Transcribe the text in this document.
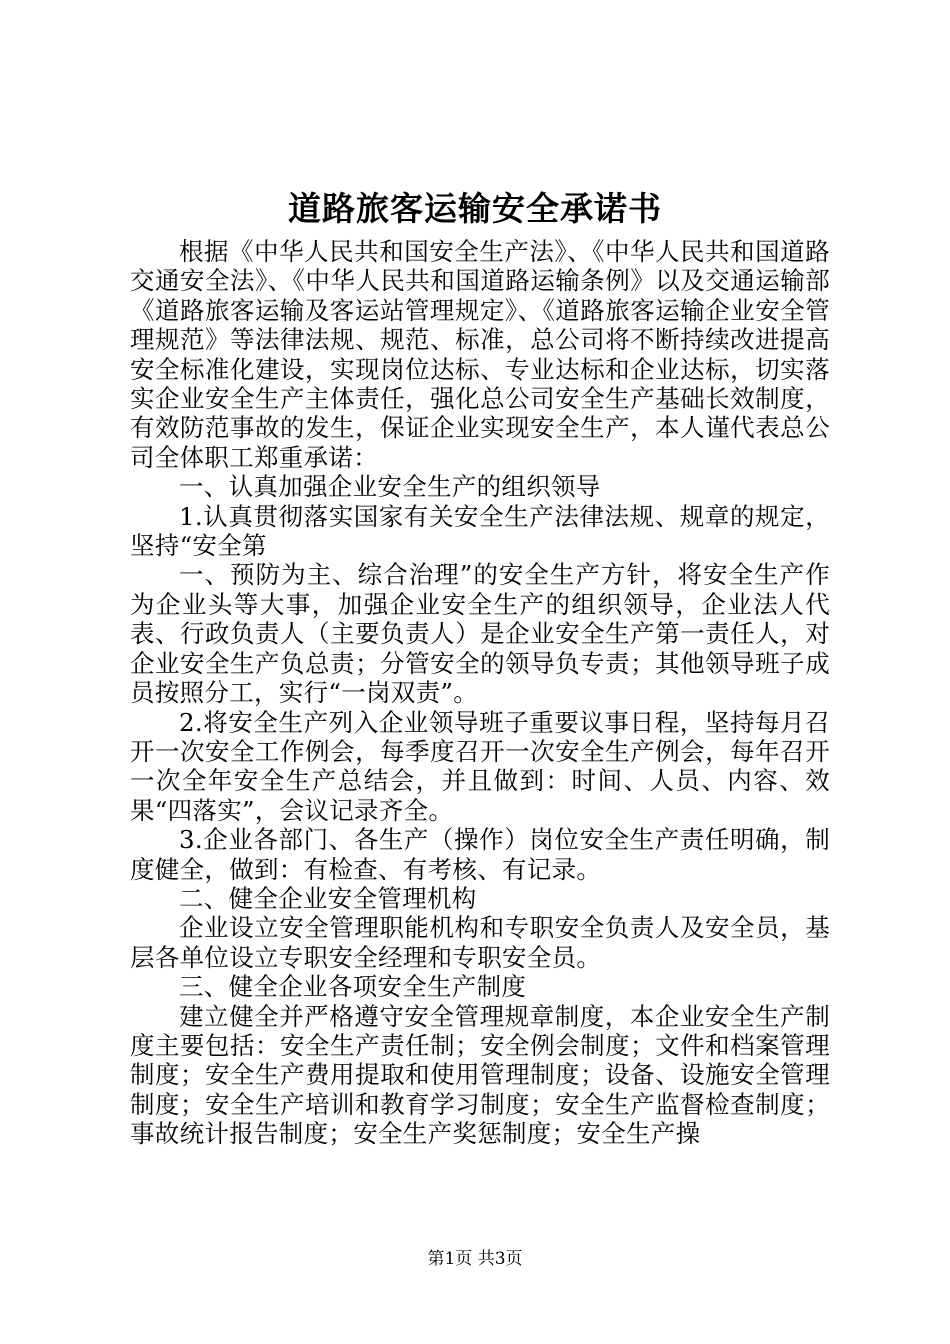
道路旅客运输安全承诺书

根据《中华人民共和国安全生产法》、《中华人民共和国道路交通安全法》、《中华人民共和国道路运输条例》以及交通运输部《道路旅客运输及客运站管理规定》、《道路旅客运输企业安全管理规范》等法律法规、规范、标准，总公司将不断持续改进提高安全标准化建设，实现岗位达标、专业达标和企业达标，切实落实企业安全生产主体责任，强化总公司安全生产基础长效制度，有效防范事故的发生，保证企业实现安全生产，本人谨代表总公司全体职工郑重承诺：

一、认真加强企业安全生产的组织领导

1.认真贯彻落实国家有关安全生产法律法规、规章的规定，坚持“安全第

一、预防为主、综合治理”的安全生产方针，将安全生产作为企业头等大事，加强企业安全生产的组织领导，企业法人代表、行政负责人（主要负责人）是企业安全生产第一责任人，对企业安全生产负总责；分管安全的领导负专责；其他领导班子成员按照分工，实行“一岗双责”。

2.将安全生产列入企业领导班子重要议事日程，坚持每月召开一次安全工作例会，每季度召开一次安全生产例会，每年召开一次全年安全生产总结会，并且做到：时间、人员、内容、效果“四落实”，会议记录齐全。

3.企业各部门、各生产（操作）岗位安全生产责任明确，制度健全，做到：有检查、有考核、有记录。

二、健全企业安全管理机构

企业设立安全管理职能机构和专职安全负责人及安全员，基层各单位设立专职安全经理和专职安全员。

三、健全企业各项安全生产制度

建立健全并严格遵守安全管理规章制度，本企业安全生产制度主要包括：安全生产责任制；安全例会制度；文件和档案管理制度；安全生产费用提取和使用管理制度；设备、设施安全管理制度；安全生产培训和教育学习制度；安全生产监督检查制度；事故统计报告制度；安全生产奖惩制度；安全生产操

第1页 共3页
